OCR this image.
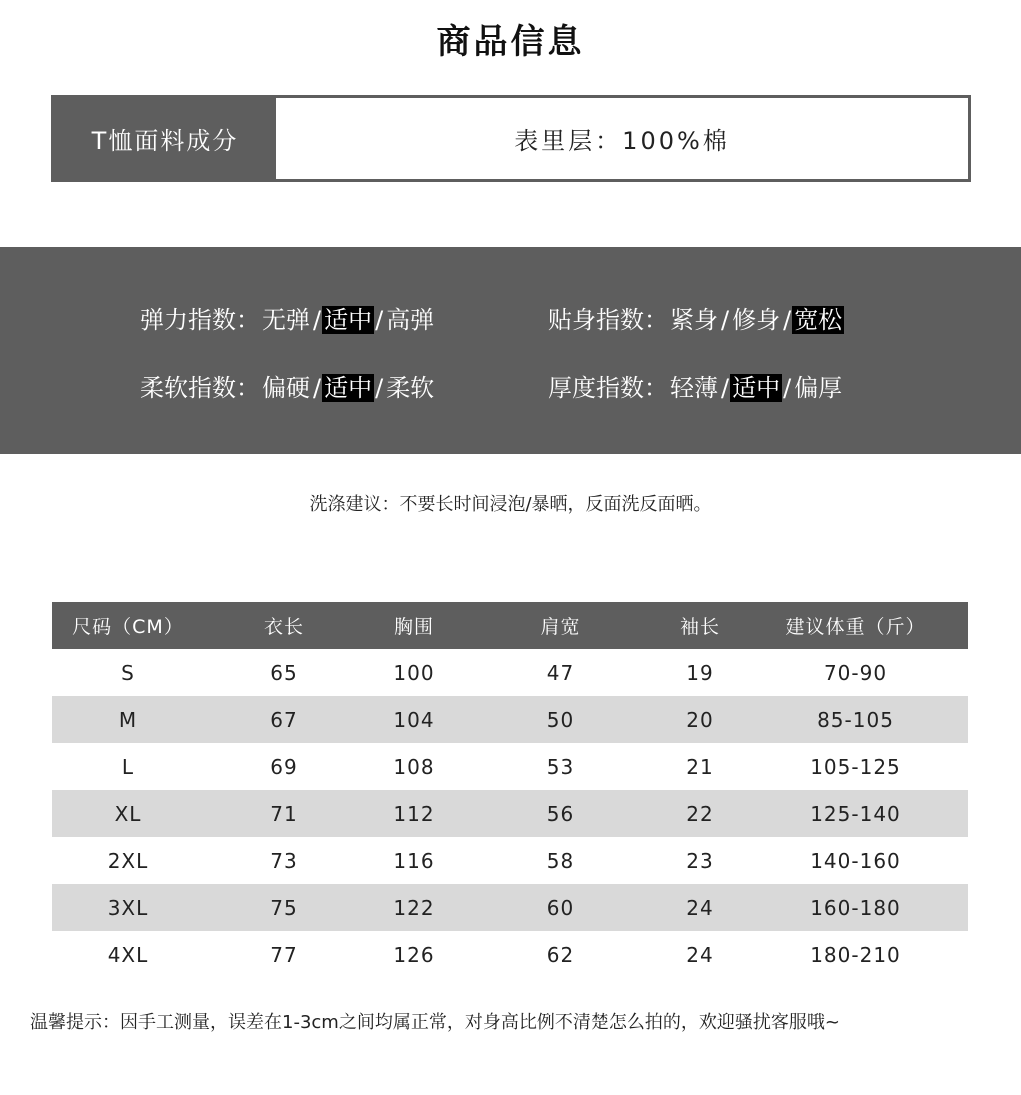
商品信息
T恤面料成分	表里层：100%棉
弹力指数： 无弹 / 适中 / 高弹	贴身指数： 紧身 / 修身 / 宽松
柔软指数： 偏硬 / 适中 / 柔软	厚度指数： 轻薄 / 适中 / 偏厚
洗涤建议：不要长时间浸泡/暴晒，反面洗反面晒。
尺码（CM）	衣长	胸围	肩宽	袖长	建议体重（斤）
S	65	100	47	19	70-90
M	67	104	50	20	85-105
L	69	108	53	21	105-125
XL	71	112	56	22	125-140
2XL	73	116	58	23	140-160
3XL	75	122	60	24	160-180
4XL	77	126	62	24	180-210
温馨提示：因手工测量，误差在1-3cm之间均属正常，对身高比例不清楚怎么拍的，欢迎骚扰客服哦~
